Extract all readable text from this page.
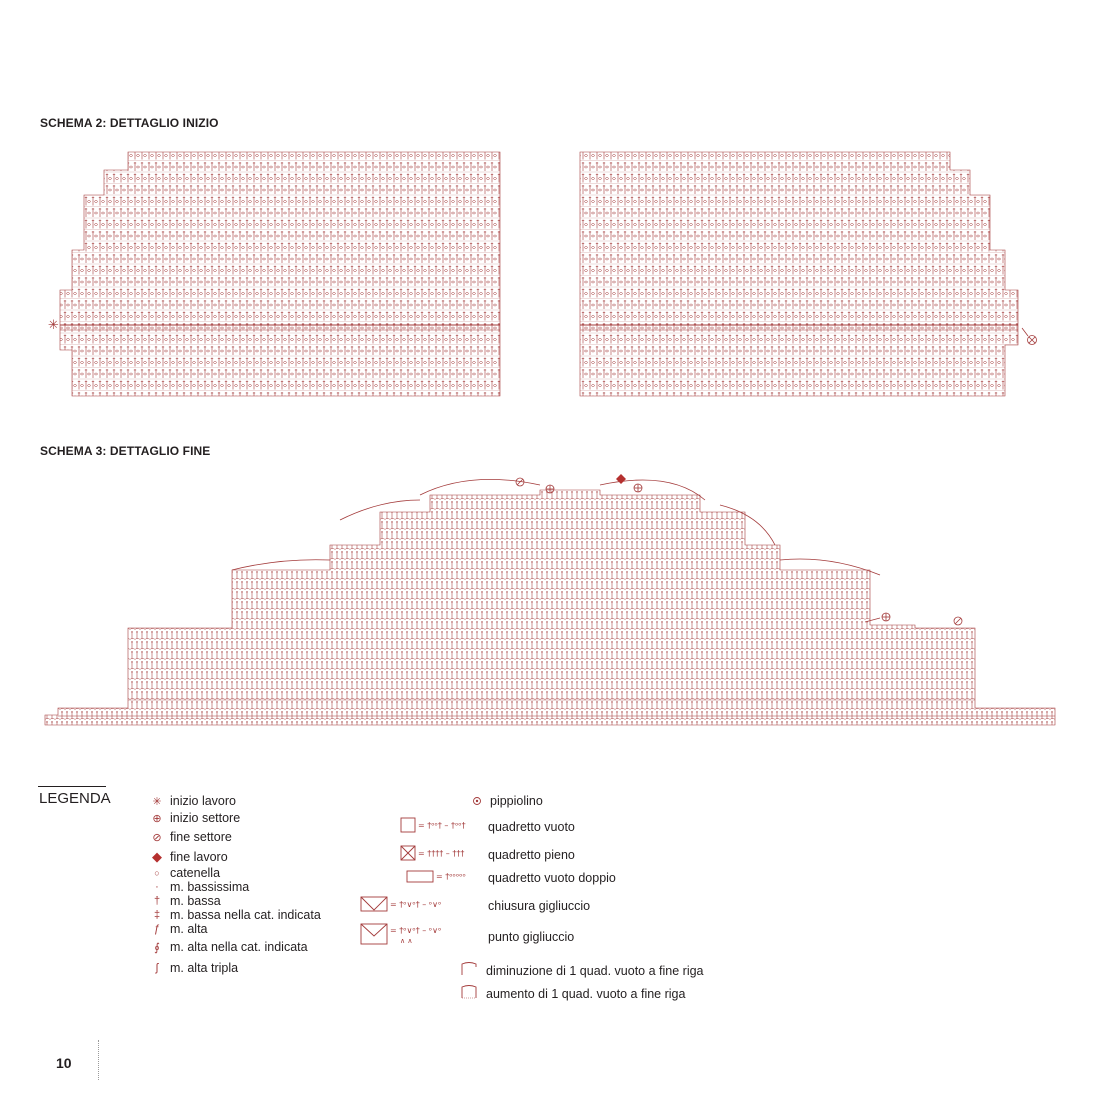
SCHEMA 2: DETTAGLIO INIZIO
SCHEMA 3: DETTAGLIO FINE
✳
LEGENDA	✳ inizio lavoro
⊕ inizio settore
⊘ fine settore
◆ fine lavoro
○ catenella
· m. bassissima
† m. bassa
‡ m. bassa nella cat. indicata
ƒ m. alta
∮ m. alta nella cat. indicata
ʃ m. alta tripla
pippiolino
= †ᵒᵒ† – †ᵒᵒ† quadretto vuoto
= †††† – ††† quadretto pieno
= †ᵒᵒᵒᵒᵒ quadretto vuoto doppio
= †ᵒ∨ᵒ† – ᵒ∨ᵒ	chiusura gigliuccio
= †ᵒ∨ᵒ† – ᵒ∨ᵒ
∧ ∧	punto gigliuccio
diminuzione di 1 quad. vuoto a fine riga
aumento di 1 quad. vuoto a fine riga
10
